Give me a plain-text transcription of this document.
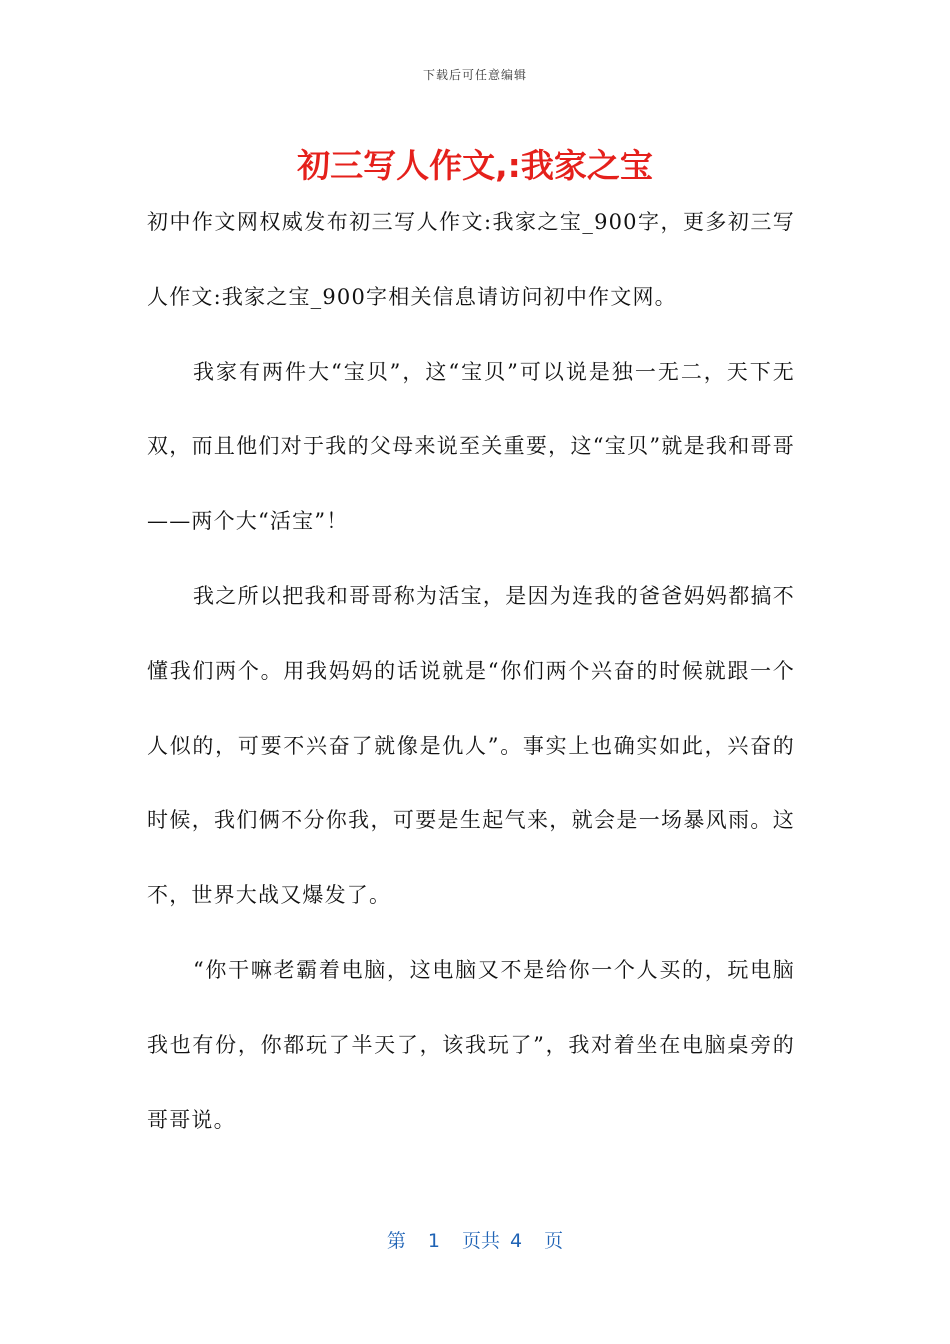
下载后可任意编辑
初三写人作文,:我家之宝

初中作文网权威发布初三写人作文:我家之宝_900字，更多初三写人作文:我家之宝_900字相关信息请访问初中作文网。

我家有两件大“宝贝”，这“宝贝”可以说是独一无二，天下无双，而且他们对于我的父母来说至关重要，这“宝贝”就是我和哥哥——两个大“活宝”！

我之所以把我和哥哥称为活宝，是因为连我的爸爸妈妈都搞不懂我们两个。用我妈妈的话说就是“你们两个兴奋的时候就跟一个人似的，可要不兴奋了就像是仇人”。事实上也确实如此，兴奋的时候，我们俩不分你我，可要是生起气来，就会是一场暴风雨。这不，世界大战又爆发了。

“你干嘛老霸着电脑，这电脑又不是给你一个人买的，玩电脑我也有份，你都玩了半天了，该我玩了”，我对着坐在电脑桌旁的哥哥说。

第 1 页共 4 页
